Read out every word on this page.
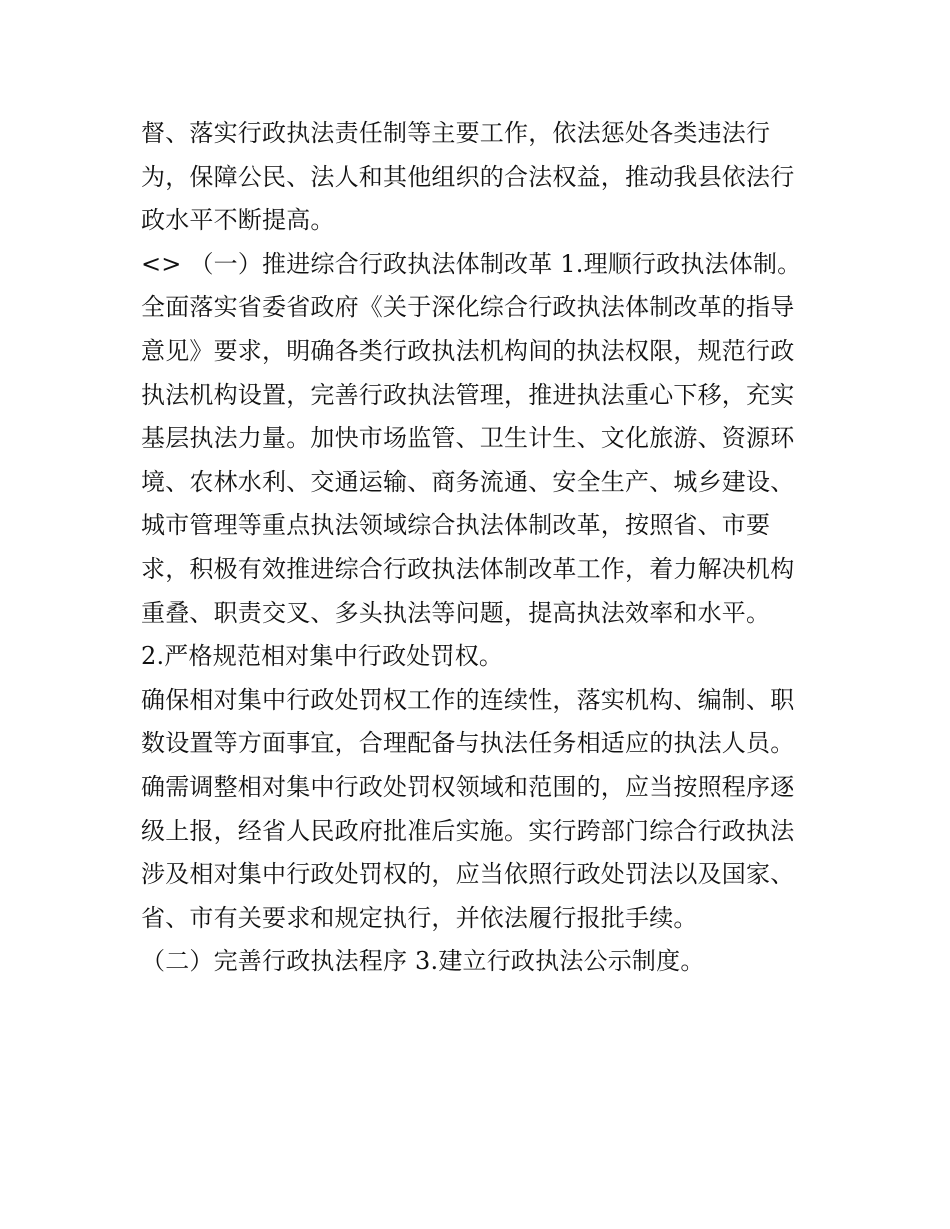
督、落实行政执法责任制等主要工作，依法惩处各类违法行
为，保障公民、法人和其他组织的合法权益，推动我县依法行
政水平不断提高。
<> （一）推进综合行政执法体制改革 1.理顺行政执法体制。
全面落实省委省政府《关于深化综合行政执法体制改革的指导
意见》要求，明确各类行政执法机构间的执法权限，规范行政
执法机构设置，完善行政执法管理，推进执法重心下移，充实
基层执法力量。加快市场监管、卫生计生、文化旅游、资源环
境、农林水利、交通运输、商务流通、安全生产、城乡建设、
城市管理等重点执法领域综合执法体制改革，按照省、市要
求，积极有效推进综合行政执法体制改革工作，着力解决机构
重叠、职责交叉、多头执法等问题，提高执法效率和水平。
2.严格规范相对集中行政处罚权。
确保相对集中行政处罚权工作的连续性，落实机构、编制、职
数设置等方面事宜，合理配备与执法任务相适应的执法人员。
确需调整相对集中行政处罚权领域和范围的，应当按照程序逐
级上报，经省人民政府批准后实施。实行跨部门综合行政执法
涉及相对集中行政处罚权的，应当依照行政处罚法以及国家、
省、市有关要求和规定执行，并依法履行报批手续。
（二）完善行政执法程序 3.建立行政执法公示制度。
